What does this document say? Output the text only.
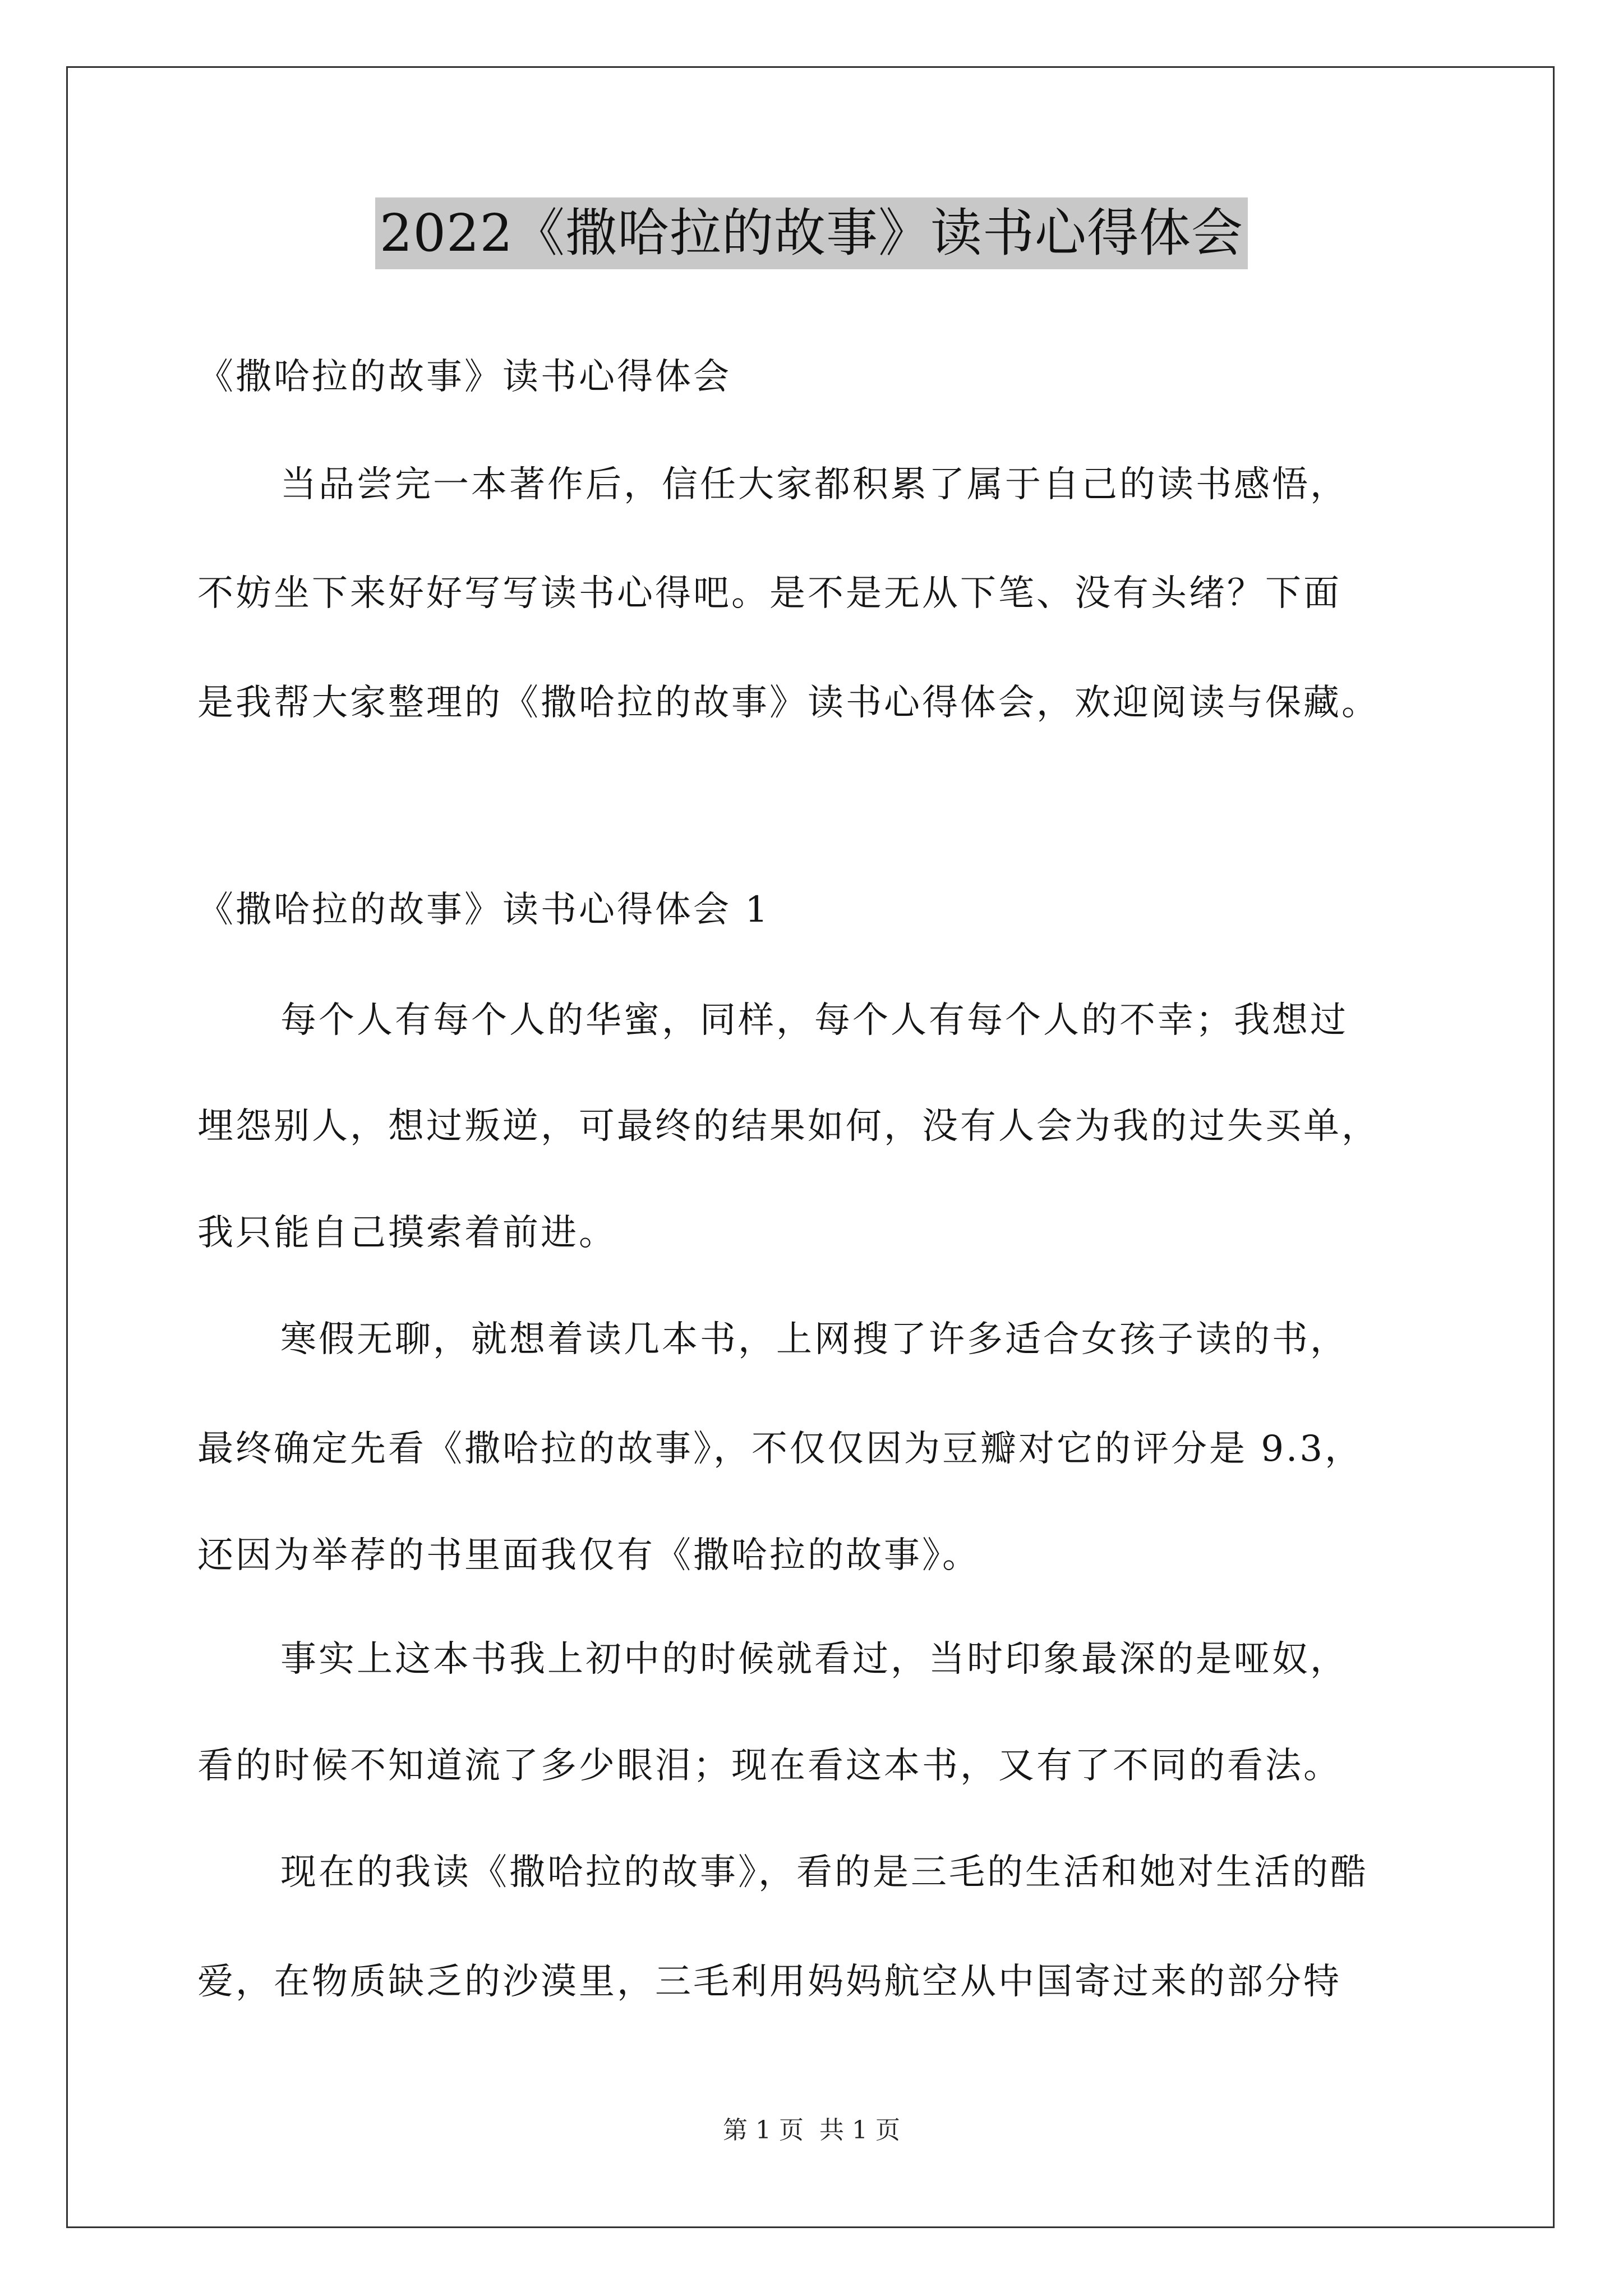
2022《撒哈拉的故事》读书心得体会
《撒哈拉的故事》读书心得体会
当品尝完一本著作后，信任大家都积累了属于自己的读书感悟，
不妨坐下来好好写写读书心得吧。是不是无从下笔、没有头绪？下面
是我帮大家整理的《撒哈拉的故事》读书心得体会，欢迎阅读与保藏。
《撒哈拉的故事》读书心得体会 1
每个人有每个人的华蜜，同样，每个人有每个人的不幸；我想过
埋怨别人，想过叛逆，可最终的结果如何，没有人会为我的过失买单，
我只能自己摸索着前进。
寒假无聊，就想着读几本书，上网搜了许多适合女孩子读的书，
最终确定先看《撒哈拉的故事》，不仅仅因为豆瓣对它的评分是 9.3，
还因为举荐的书里面我仅有《撒哈拉的故事》。
事实上这本书我上初中的时候就看过，当时印象最深的是哑奴，
看的时候不知道流了多少眼泪；现在看这本书，又有了不同的看法。
现在的我读《撒哈拉的故事》，看的是三毛的生活和她对生活的酷
爱，在物质缺乏的沙漠里，三毛利用妈妈航空从中国寄过来的部分特
第 1 页 共 1 页
